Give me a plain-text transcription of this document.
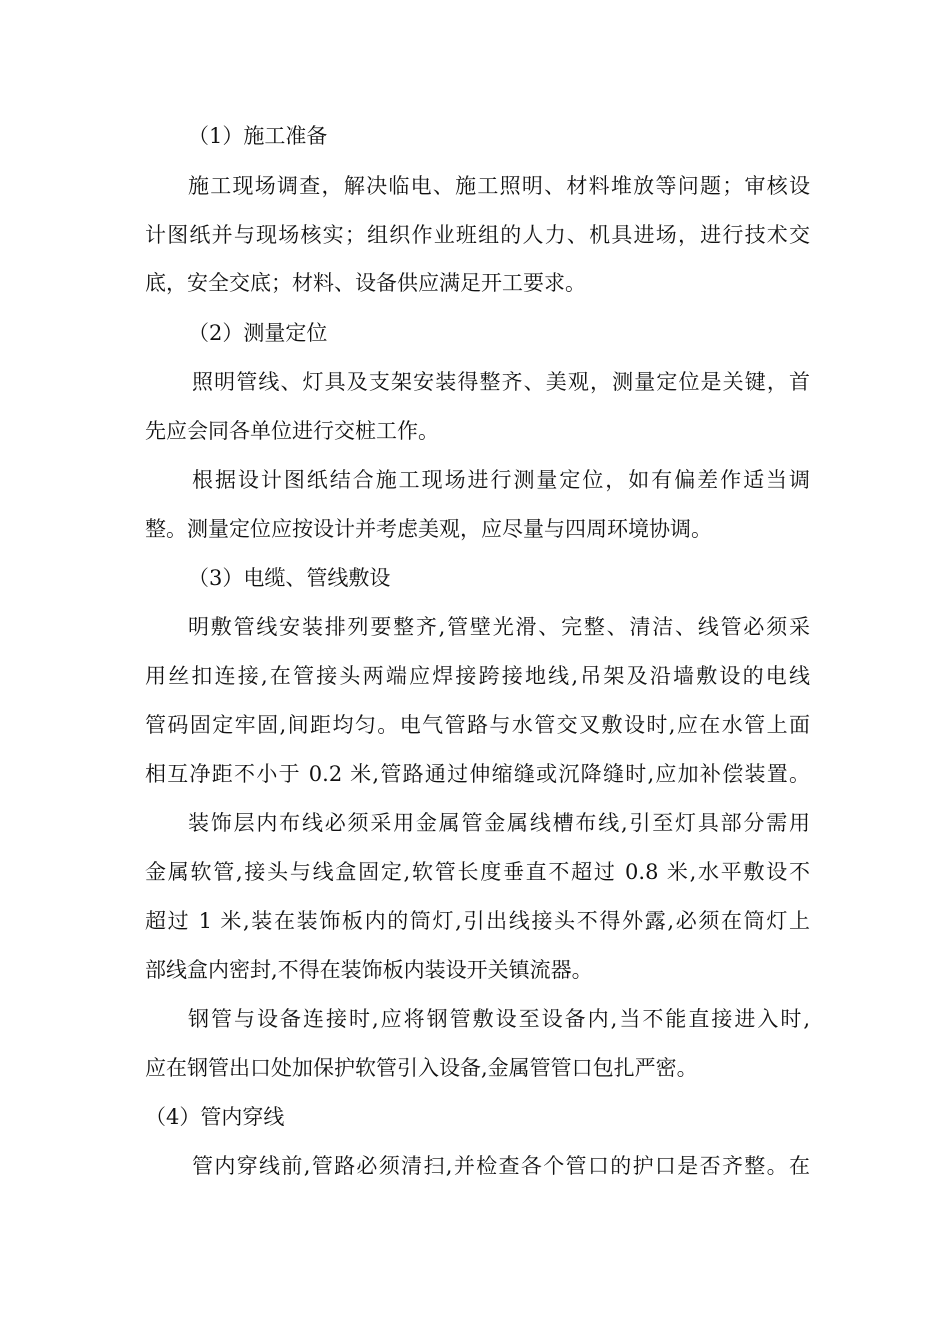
（1）施工准备
施工现场调查，解决临电、施工照明、材料堆放等问题；审核设
计图纸并与现场核实；组织作业班组的人力、机具进场，进行技术交
底，安全交底；材料、设备供应满足开工要求。
（2）测量定位
照明管线、灯具及支架安装得整齐、美观，测量定位是关键，首
先应会同各单位进行交桩工作。
根据设计图纸结合施工现场进行测量定位，如有偏差作适当调
整。测量定位应按设计并考虑美观，应尽量与四周环境协调。
（3）电缆、管线敷设
明敷管线安装排列要整齐,管壁光滑、完整、清洁、线管必须采
用丝扣连接,在管接头两端应焊接跨接地线,吊架及沿墙敷设的电线
管码固定牢固,间距均匀。电气管路与水管交叉敷设时,应在水管上面
相互净距不小于 0.2 米,管路通过伸缩缝或沉降缝时,应加补偿装置。
装饰层内布线必须采用金属管金属线槽布线,引至灯具部分需用
金属软管,接头与线盒固定,软管长度垂直不超过 0.8 米,水平敷设不
超过 1 米,装在装饰板内的筒灯,引出线接头不得外露,必须在筒灯上
部线盒内密封,不得在装饰板内装设开关镇流器。
钢管与设备连接时,应将钢管敷设至设备内,当不能直接进入时,
应在钢管出口处加保护软管引入设备,金属管管口包扎严密。
（4）管内穿线
管内穿线前,管路必须清扫,并检查各个管口的护口是否齐整。在
